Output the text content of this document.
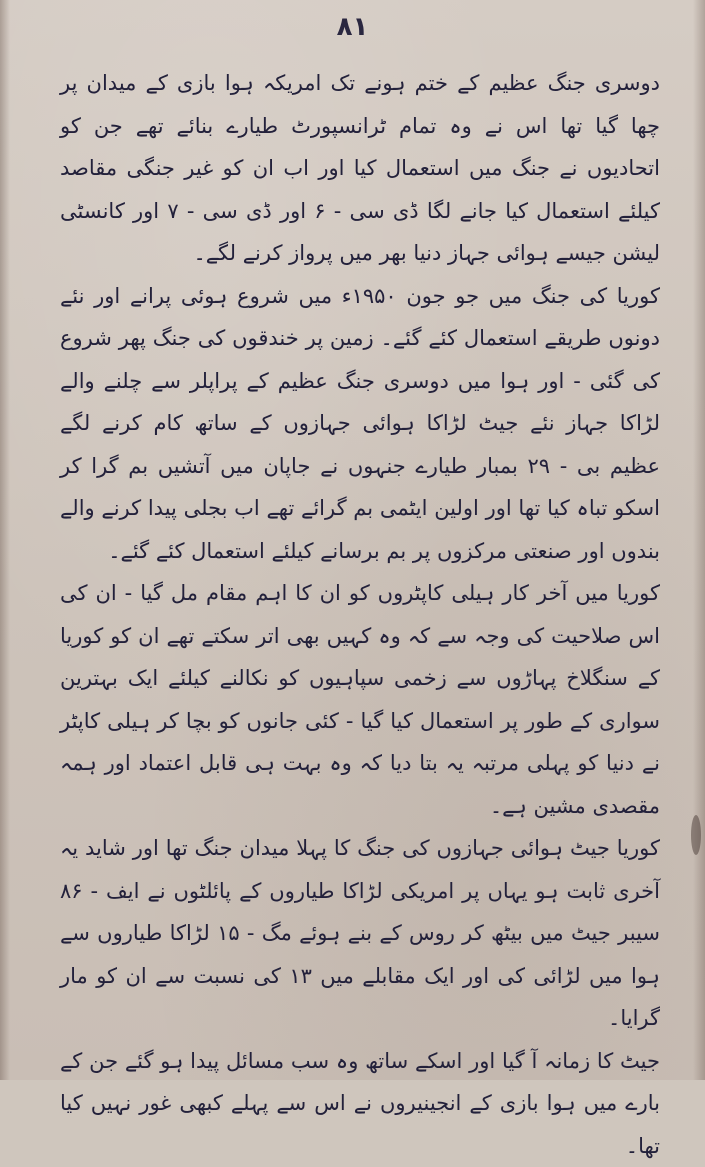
٨١

دوسری جنگ عظیم کے ختم ہونے تک امریکہ ہوا بازی کے میدان پر چھا گیا تھا اس نے وہ تمام ٹرانسپورٹ طیارے بنائے تھے جن کو اتحادیوں نے جنگ میں استعمال کیا اور اب ان کو غیر جنگی مقاصد کیلئے استعمال کیا جانے لگا ڈی سی - ۶ اور ڈی سی - ۷ اور کانسٹی لیشن جیسے ہوائی جہاز دنیا بھر میں پرواز کرنے لگے۔

کوریا کی جنگ میں جو جون ۱۹۵۰ء میں شروع ہوئی پرانے اور نئے دونوں طریقے استعمال کئے گئے۔ زمین پر خندقوں کی جنگ پھر شروع کی گئی - اور ہوا میں دوسری جنگ عظیم کے پراپلر سے چلنے والے لڑاکا جہاز نئے جیٹ لڑاکا ہوائی جہازوں کے ساتھ کام کرنے لگے عظیم بی - ۲۹ بمبار طیارے جنہوں نے جاپان میں آتشیں بم گرا کر اسکو تباہ کیا تھا اور اولین ایٹمی بم گرائے تھے اب بجلی پیدا کرنے والے بندوں اور صنعتی مرکزوں پر بم برسانے کیلئے استعمال کئے گئے۔

کوریا میں آخر کار ہیلی کاپٹروں کو ان کا اہم مقام مل گیا - ان کی اس صلاحیت کی وجہ سے کہ وہ کہیں بھی اتر سکتے تھے ان کو کوریا کے سنگلاخ پہاڑوں سے زخمی سپاہیوں کو نکالنے کیلئے ایک بہترین سواری کے طور پر استعمال کیا گیا - کئی جانوں کو بچا کر ہیلی کاپٹر نے دنیا کو پہلی مرتبہ یہ بتا دیا کہ وہ بہت ہی قابل اعتماد اور ہمہ مقصدی مشین ہے۔

کوریا جیٹ ہوائی جہازوں کی جنگ کا پہلا میدان جنگ تھا اور شاید یہ آخری ثابت ہو یہاں پر امریکی لڑاکا طیاروں کے پائلٹوں نے ایف - ۸۶ سیبر جیٹ میں بیٹھ کر روس کے بنے ہوئے مگ - ۱۵ لڑاکا طیاروں سے ہوا میں لڑائی کی اور ایک مقابلے میں ۱۳ کی نسبت سے ان کو مار گرایا۔

جیٹ کا زمانہ آ گیا اور اسکے ساتھ وہ سب مسائل پیدا ہو گئے جن کے بارے میں ہوا بازی کے انجینیروں نے اس سے پہلے کبھی غور نہیں کیا تھا۔
